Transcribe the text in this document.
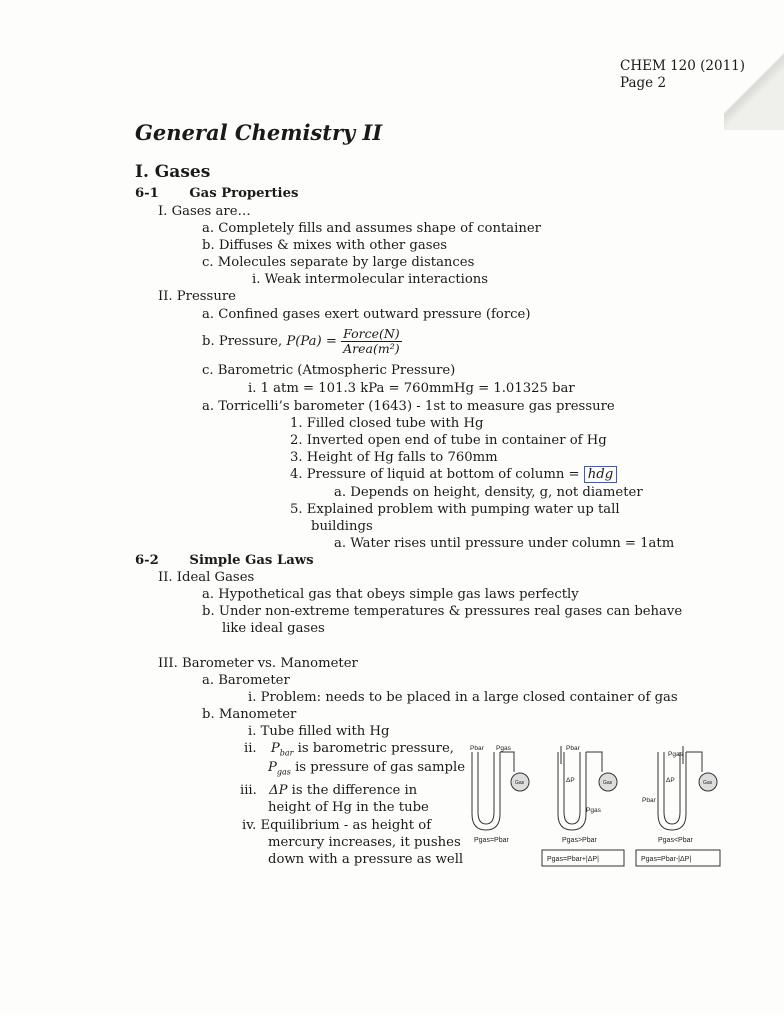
CHEM 120 (2011)
Page 2
General Chemistry II
I. Gases
6-1 Gas Properties
I. Gases are…
a. Completely fills and assumes shape of container
b. Diffuses & mixes with other gases
c. Molecules separate by large distances
i. Weak intermolecular interactions
II. Pressure
a. Confined gases exert outward pressure (force)
b. Pressure, $P(Pa) = \frac{\text{Force(N)}}{\text{Area(m²)}}$
c. Barometric (Atmospheric Pressure)
i. 1 atm = 101.3 kPa = 760mmHg = 1.01325 bar
a. Torricelli’s barometer (1643) - 1st to measure gas pressure
1. Filled closed tube with Hg
2. Inverted open end of tube in container of Hg
3. Height of Hg falls to 760mm
4. Pressure of liquid at bottom of column = hdg
a. Depends on height, density, g, not diameter
5. Explained problem with pumping water up tall
buildings
a. Water rises until pressure under column = 1atm
6-2 Simple Gas Laws
II. Ideal Gases
a. Hypothetical gas that obeys simple gas laws perfectly
b. Under non-extreme temperatures & pressures real gases can behave
like ideal gases
III. Barometer vs. Manometer
a. Barometer
i. Problem: needs to be placed in a large closed container of gas
b. Manometer
i. Tube filled with Hg
ii. $P_{bar}$ is barometric pressure,
$P_{gas}$ is pressure of gas sample
iii. ΔP is the difference in
height of Hg in the tube
iv. Equilibrium - as height of
mercury increases, it pushes
down with a pressure as well
Pbar Pgas
Gas
Pgas=Pbar
Pbar
ΔP
Pgas
Gas
Pgas>Pbar
Pgas=Pbar+|ΔP|
Pgas
ΔP
Pbar
Gas
Pgas<Pbar
Pgas=Pbar-|ΔP|
